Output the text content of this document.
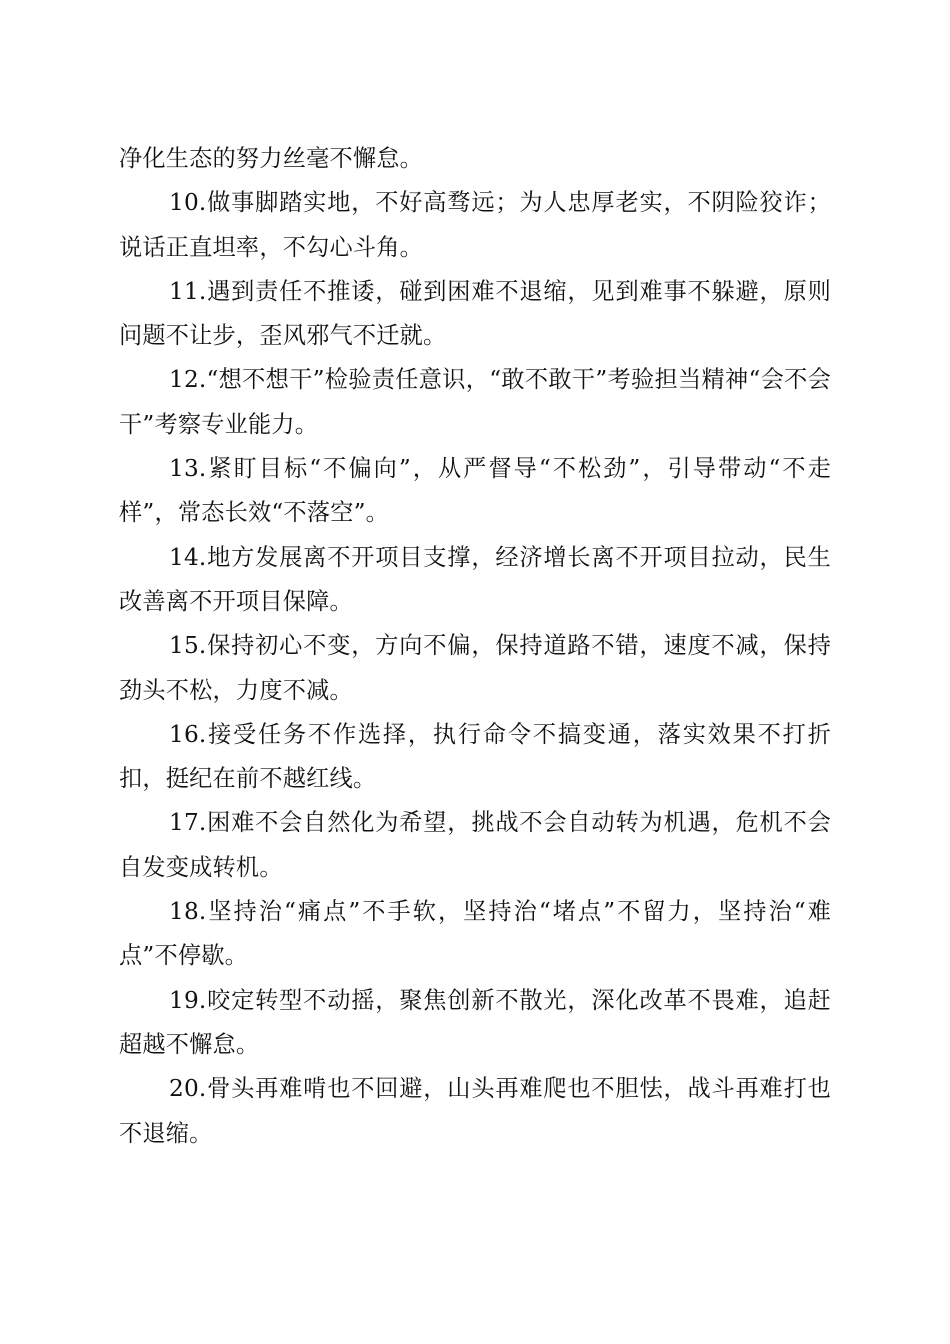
净化生态的努力丝毫不懈怠。

10.做事脚踏实地，不好高骛远；为人忠厚老实，不阴险狡诈；说话正直坦率，不勾心斗角。

11.遇到责任不推诿，碰到困难不退缩，见到难事不躲避，原则问题不让步，歪风邪气不迁就。

12.“想不想干”检验责任意识，“敢不敢干”考验担当精神“会不会干”考察专业能力。

13.紧盯目标“不偏向”，从严督导“不松劲”，引导带动“不走样”，常态长效“不落空”。

14.地方发展离不开项目支撑，经济增长离不开项目拉动，民生改善离不开项目保障。

15.保持初心不变，方向不偏，保持道路不错，速度不减，保持劲头不松，力度不减。

16.接受任务不作选择，执行命令不搞变通，落实效果不打折扣，挺纪在前不越红线。

17.困难不会自然化为希望，挑战不会自动转为机遇，危机不会自发变成转机。

18.坚持治“痛点”不手软，坚持治“堵点”不留力，坚持治“难点”不停歇。

19.咬定转型不动摇，聚焦创新不散光，深化改革不畏难，追赶超越不懈怠。

20.骨头再难啃也不回避，山头再难爬也不胆怯，战斗再难打也不退缩。
